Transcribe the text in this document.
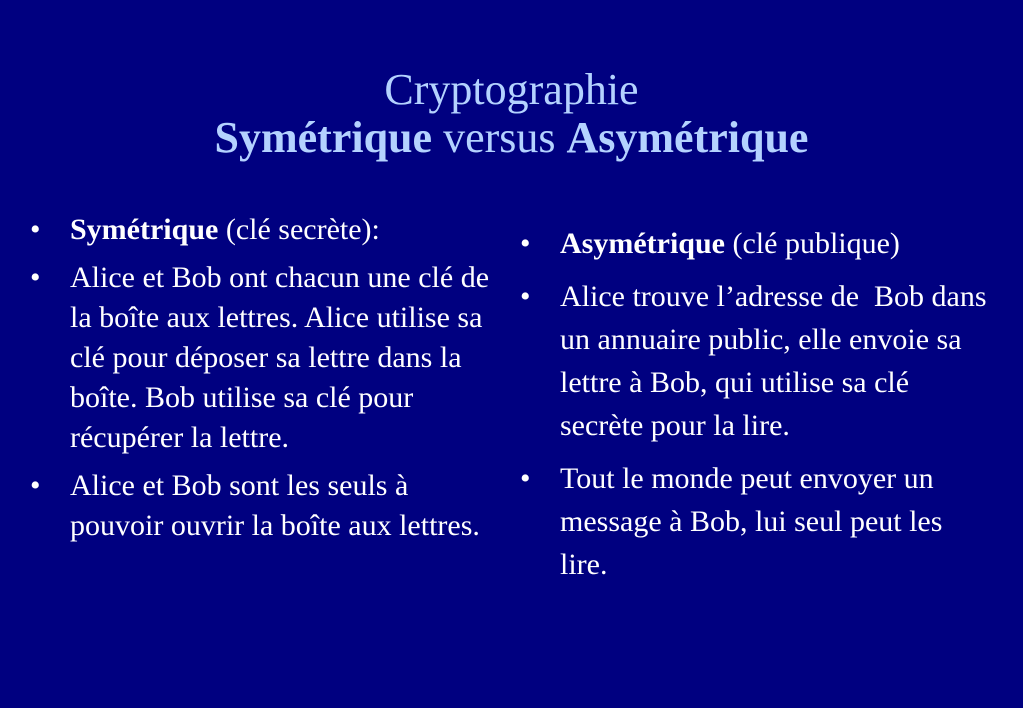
Cryptographie
Symétrique versus Asymétrique
• Symétrique (clé secrète):
• Alice et Bob ont chacun une clé de la boîte aux lettres. Alice utilise sa clé pour déposer sa lettre dans la boîte. Bob utilise sa clé pour récupérer la lettre.
• Alice et Bob sont les seuls à pouvoir ouvrir la boîte aux lettres.
• Asymétrique (clé publique)
• Alice trouve l’adresse de  Bob dans un annuaire public, elle envoie sa lettre à Bob, qui utilise sa clé secrète pour la lire.
• Tout le monde peut envoyer un message à Bob, lui seul peut les lire.
